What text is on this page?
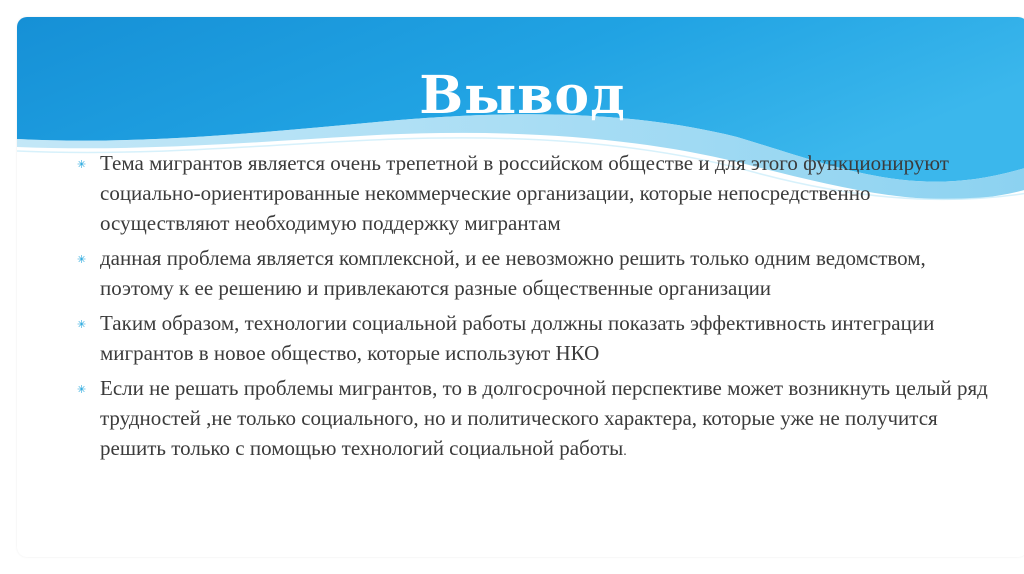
Вывод
✳ Тема мигрантов является очень трепетной в российском обществе и для этого функционируют социально-ориентированные некоммерческие организации, которые непосредственно осуществляют необходимую поддержку мигрантам
✳ данная проблема является комплексной, и ее невозможно решить только одним ведомством, поэтому к ее решению и привлекаются разные общественные организации
✳ Таким образом, технологии социальной работы должны показать эффективность интеграции мигрантов в новое общество, которые используют НКО
✳ Если не решать проблемы мигрантов, то в долгосрочной перспективе может возникнуть целый ряд трудностей ,не только социального, но и политического характера, которые уже не получится решить только с помощью технологий социальной работы.
